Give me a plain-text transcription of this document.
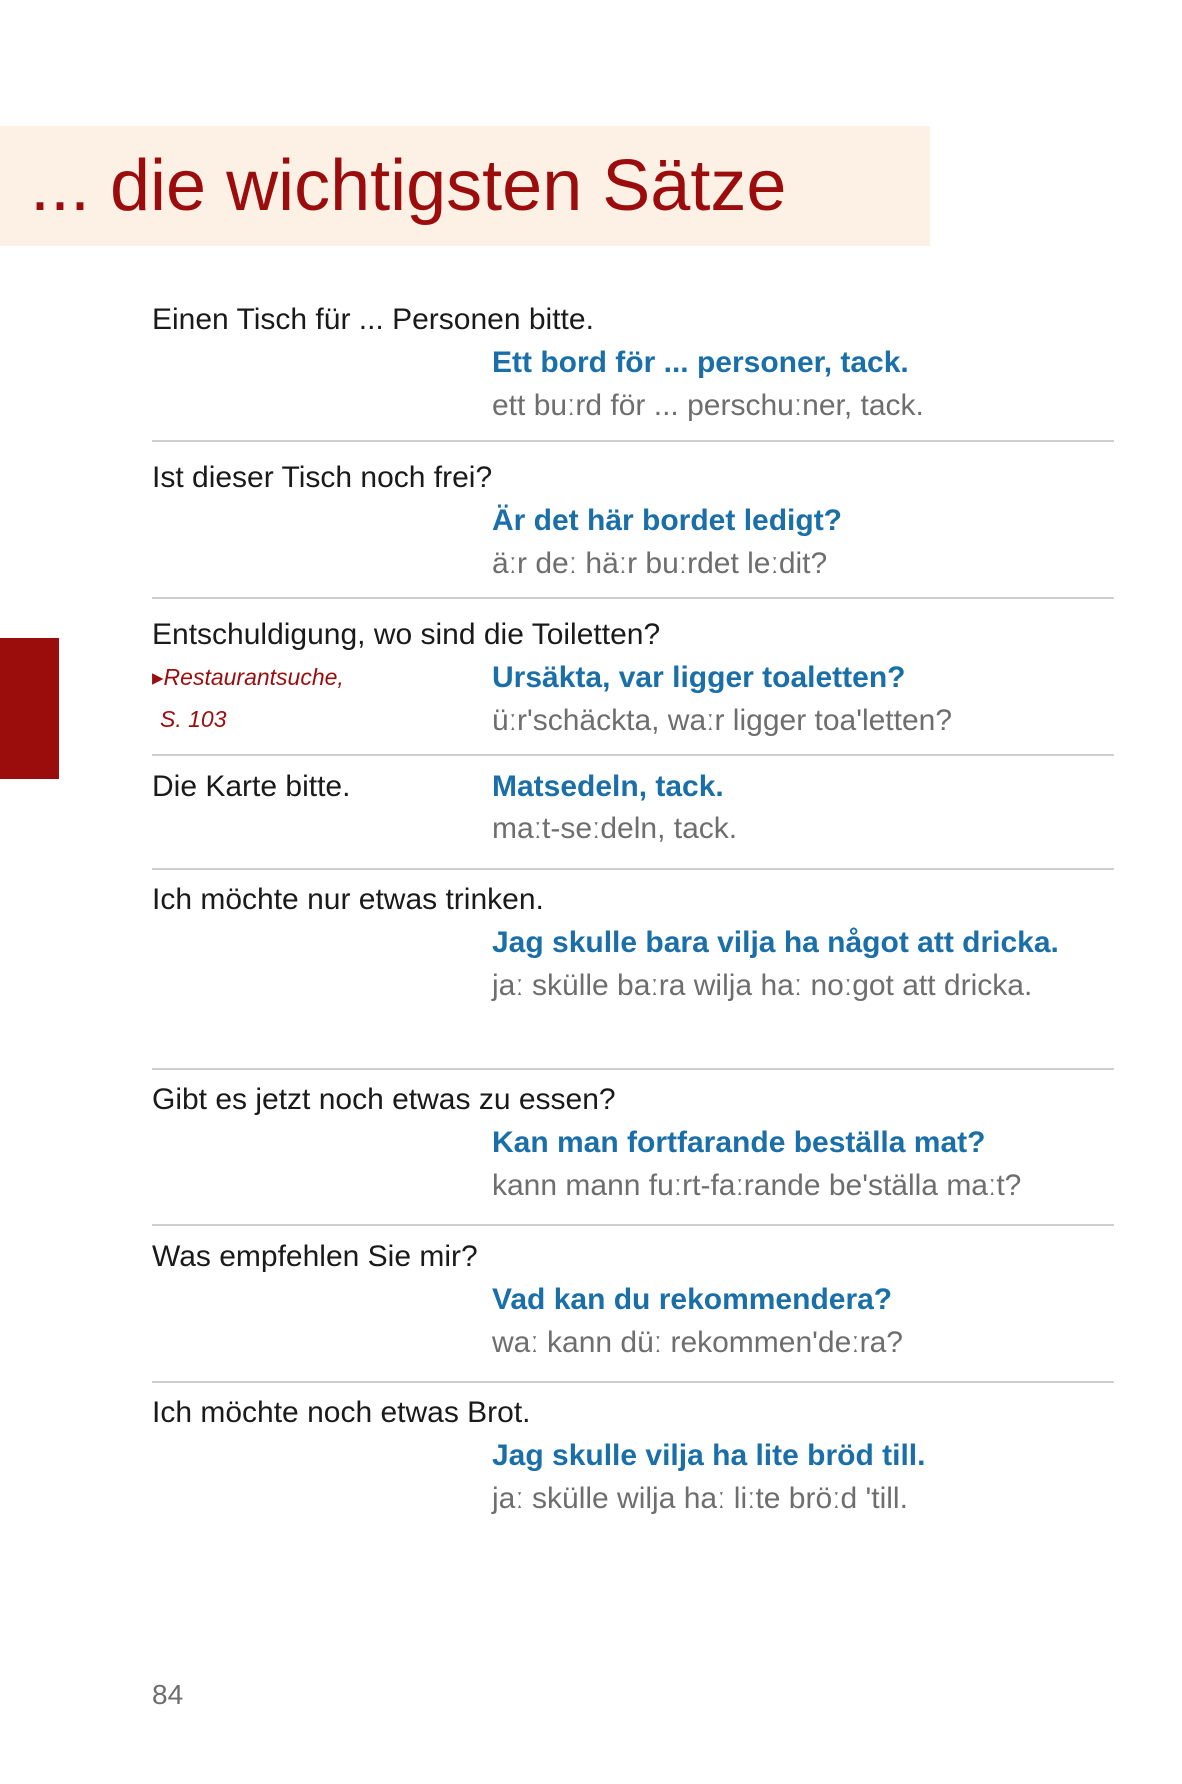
... die wichtigsten Sätze
Einen Tisch für ... Personen bitte.
Ett bord för ... personer, tack.
ett buːrd för ... perschuːner, tack.
Ist dieser Tisch noch frei?
Är det här bordet ledigt?
äːr deː häːr buːrdet leːdit?
Entschuldigung, wo sind die Toiletten?
▸Restaurantsuche,
S. 103
Ursäkta, var ligger toaletten?
üːr'schäckta, waːr ligger toa'letten?
Die Karte bitte.	Matsedeln, tack.
maːt-seːdeln, tack.
Ich möchte nur etwas trinken.
Jag skulle bara vilja ha något att dricka.
jaː skülle baːra wilja haː noːgot att dricka.
Gibt es jetzt noch etwas zu essen?
Kan man fortfarande beställa mat?
kann mann fuːrt-faːrande be'ställa maːt?
Was empfehlen Sie mir?
Vad kan du rekommendera?
waː kann düː rekommen'deːra?
Ich möchte noch etwas Brot.
Jag skulle vilja ha lite bröd till.
jaː skülle wilja haː liːte bröːd 'till.
84
